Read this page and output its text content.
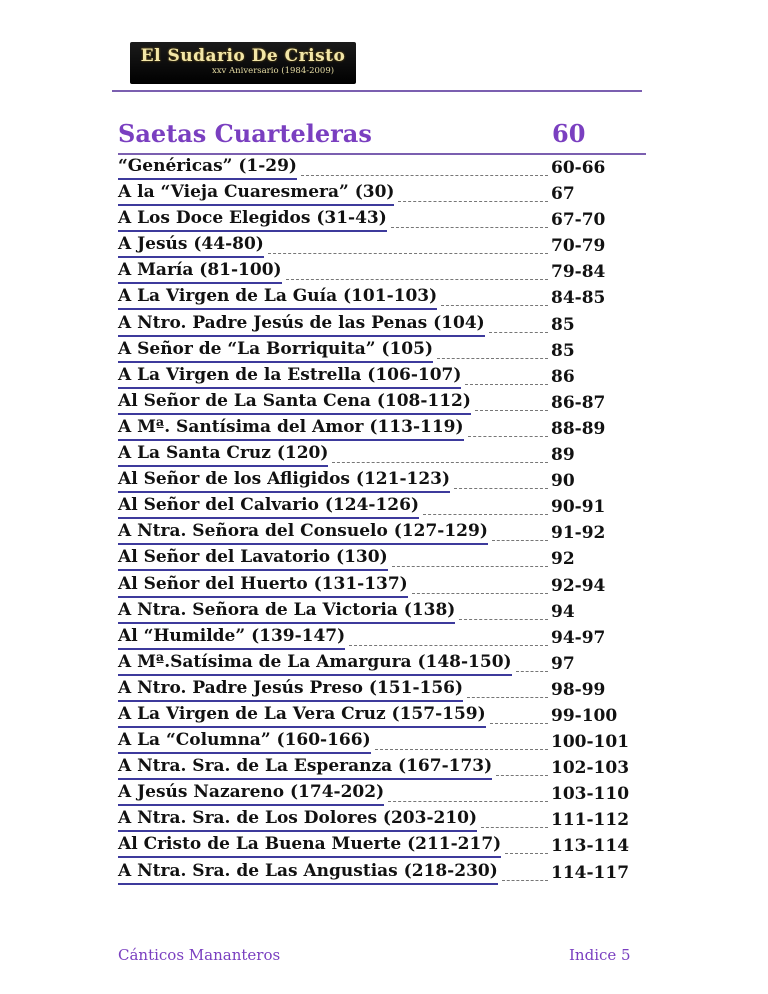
El Sudario De Cristo
xxv Aniversario (1984-2009)
Saetas Cuarteleras	60
“Genéricas” (1-29)	60-66
A la “Vieja Cuaresmera” (30)	67
A Los Doce Elegidos (31-43)	67-70
A Jesús (44-80)	70-79
A María (81-100)	79-84
A La Virgen de La Guía (101-103)	84-85
A Ntro. Padre Jesús de las Penas (104)	85
A Señor de “La Borriquita” (105)	85
A La Virgen de la Estrella (106-107)	86
Al Señor de La Santa Cena (108-112)	86-87
A Mª. Santísima del Amor (113-119)	88-89
A La Santa Cruz (120)	89
Al Señor de los Afligidos (121-123)	90
Al Señor del Calvario (124-126)	90-91
A Ntra. Señora del Consuelo (127-129)	91-92
Al Señor del Lavatorio (130)	92
Al Señor del Huerto (131-137)	92-94
A Ntra. Señora de La Victoria (138)	94
Al “Humilde” (139-147)	94-97
A Mª.Satísima de La Amargura (148-150) 97
A Ntro. Padre Jesús Preso (151-156)	98-99
A La Virgen de La Vera Cruz (157-159)	99-100
A La “Columna” (160-166)	100-101
A Ntra. Sra. de La Esperanza (167-173)	102-103
A Jesús Nazareno (174-202)	103-110
A Ntra. Sra. de Los Dolores (203-210)	111-112
Al Cristo de La Buena Muerte (211-217)	113-114
A Ntra. Sra. de Las Angustias (218-230)	114-117
Cánticos Mananteros	Indice 5
